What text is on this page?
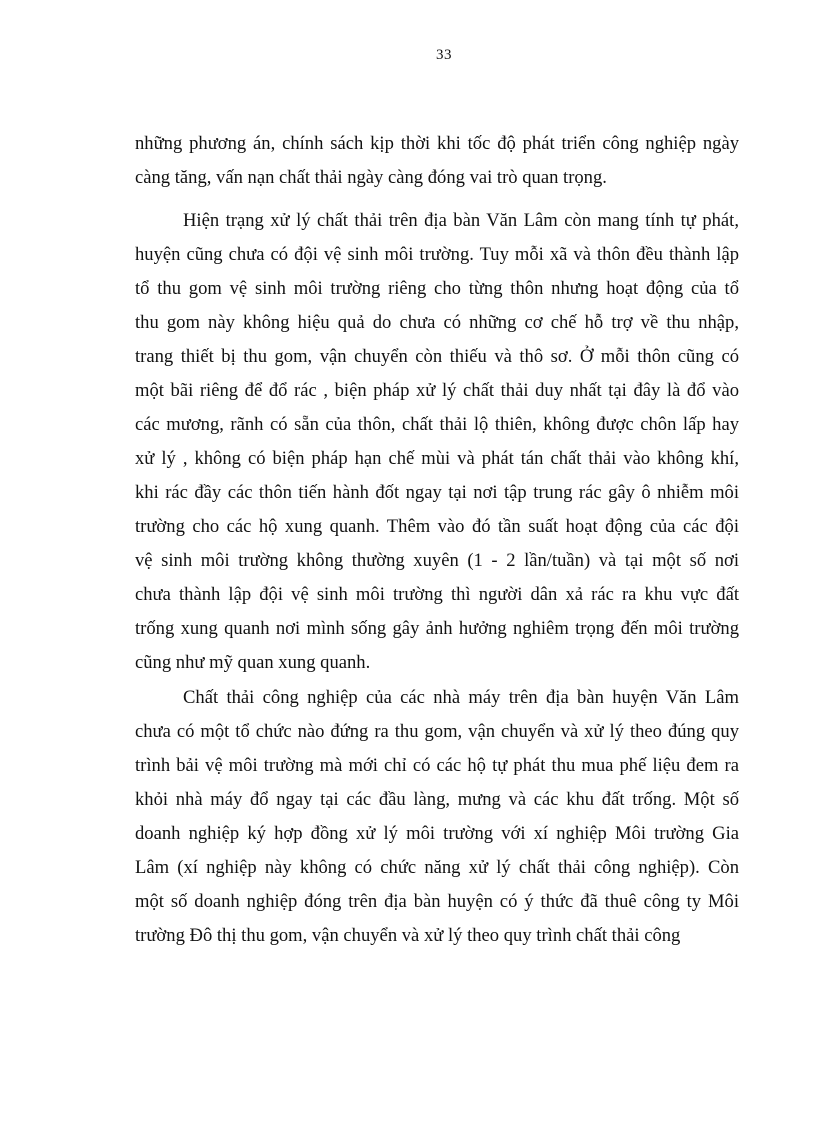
33
những phương án, chính sách kịp thời khi tốc độ phát triển công nghiệp ngày
càng tăng, vấn nạn chất thải ngày càng đóng vai trò quan trọng.
Hiện trạng xử lý chất thải trên địa bàn Văn Lâm còn mang tính tự phát,
huyện cũng chưa có đội vệ sinh môi trường. Tuy mỗi xã và thôn đều thành lập
tổ thu gom vệ sinh môi trường riêng cho từng thôn nhưng hoạt động của tổ
thu gom này không hiệu quả do chưa có những cơ chế hỗ trợ về thu nhập,
trang thiết bị thu gom, vận chuyển còn thiếu và thô sơ. Ở mỗi thôn cũng có
một bãi riêng để đổ rác , biện pháp xử lý chất thải duy nhất tại đây là đổ vào
các mương, rãnh có sẵn của thôn, chất thải lộ thiên, không được chôn lấp hay
xử lý , không có biện pháp hạn chế mùi và phát tán chất thải vào không khí,
khi rác đầy các thôn tiến hành đốt ngay tại nơi tập trung rác gây ô nhiễm môi
trường cho các hộ xung quanh. Thêm vào đó tần suất hoạt động của các đội
vệ sinh môi trường không thường xuyên (1 - 2 lần/tuần) và tại một số nơi
chưa thành lập đội vệ sinh môi trường thì người dân xả rác ra khu vực đất
trống xung quanh nơi mình sống gây ảnh hưởng nghiêm trọng đến môi trường
cũng như mỹ quan xung quanh.
Chất thải công nghiệp của các nhà máy trên địa bàn huyện Văn Lâm
chưa có một tổ chức nào đứng ra thu gom, vận chuyển và xử lý theo đúng quy
trình bải vệ môi trường mà mới chỉ có các hộ tự phát thu mua phế liệu đem ra
khỏi nhà máy đổ ngay tại các đầu làng, mưng và các khu đất trống. Một số
doanh nghiệp ký hợp đồng xử lý môi trường với xí nghiệp Môi trường Gia
Lâm (xí nghiệp này không có chức năng xử lý chất thải công nghiệp). Còn
một số doanh nghiệp đóng trên địa bàn huyện có ý thức đã thuê công ty Môi
trường Đô thị thu gom, vận chuyển và xử lý theo quy trình chất thải công
